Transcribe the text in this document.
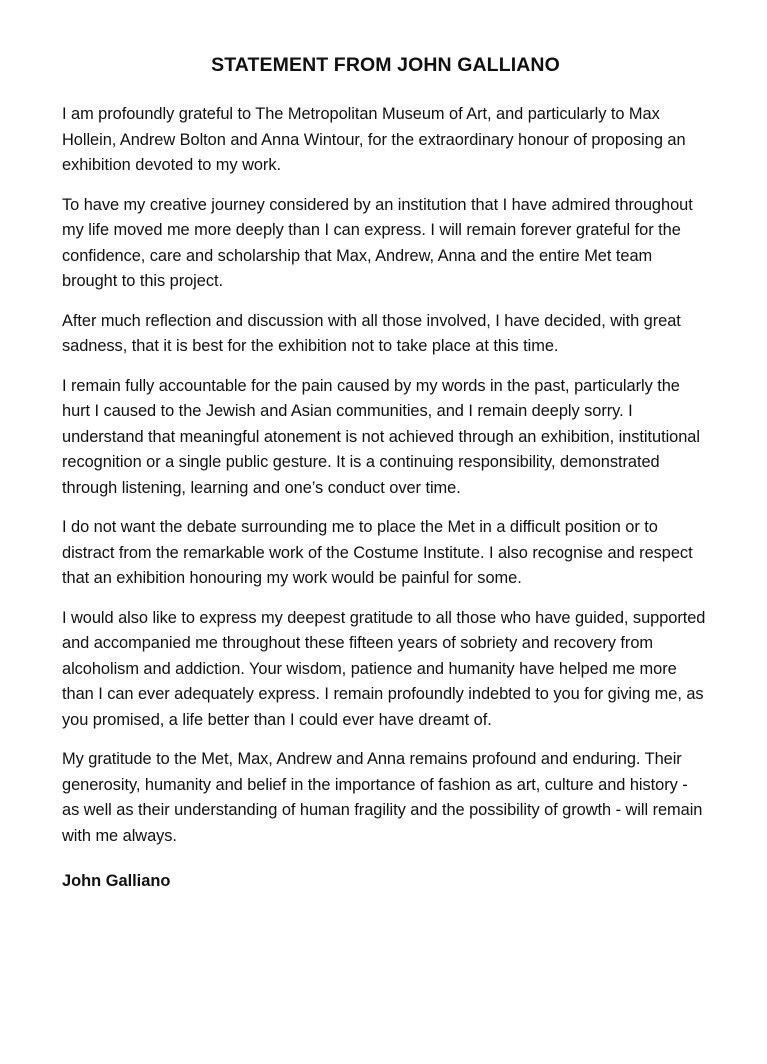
STATEMENT FROM JOHN GALLIANO

I am profoundly grateful to The Metropolitan Museum of Art, and particularly to Max Hollein, Andrew Bolton and Anna Wintour, for the extraordinary honour of proposing an exhibition devoted to my work.

To have my creative journey considered by an institution that I have admired throughout my life moved me more deeply than I can express. I will remain forever grateful for the confidence, care and scholarship that Max, Andrew, Anna and the entire Met team brought to this project.

After much reflection and discussion with all those involved, I have decided, with great sadness, that it is best for the exhibition not to take place at this time.

I remain fully accountable for the pain caused by my words in the past, particularly the hurt I caused to the Jewish and Asian communities, and I remain deeply sorry. I understand that meaningful atonement is not achieved through an exhibition, institutional recognition or a single public gesture. It is a continuing responsibility, demonstrated through listening, learning and one’s conduct over time.

I do not want the debate surrounding me to place the Met in a difficult position or to distract from the remarkable work of the Costume Institute. I also recognise and respect that an exhibition honouring my work would be painful for some.

I would also like to express my deepest gratitude to all those who have guided, supported and accompanied me throughout these fifteen years of sobriety and recovery from alcoholism and addiction. Your wisdom, patience and humanity have helped me more than I can ever adequately express. I remain profoundly indebted to you for giving me, as you promised, a life better than I could ever have dreamt of.

My gratitude to the Met, Max, Andrew and Anna remains profound and enduring. Their generosity, humanity and belief in the importance of fashion as art, culture and history - as well as their understanding of human fragility and the possibility of growth - will remain with me always.

John Galliano
